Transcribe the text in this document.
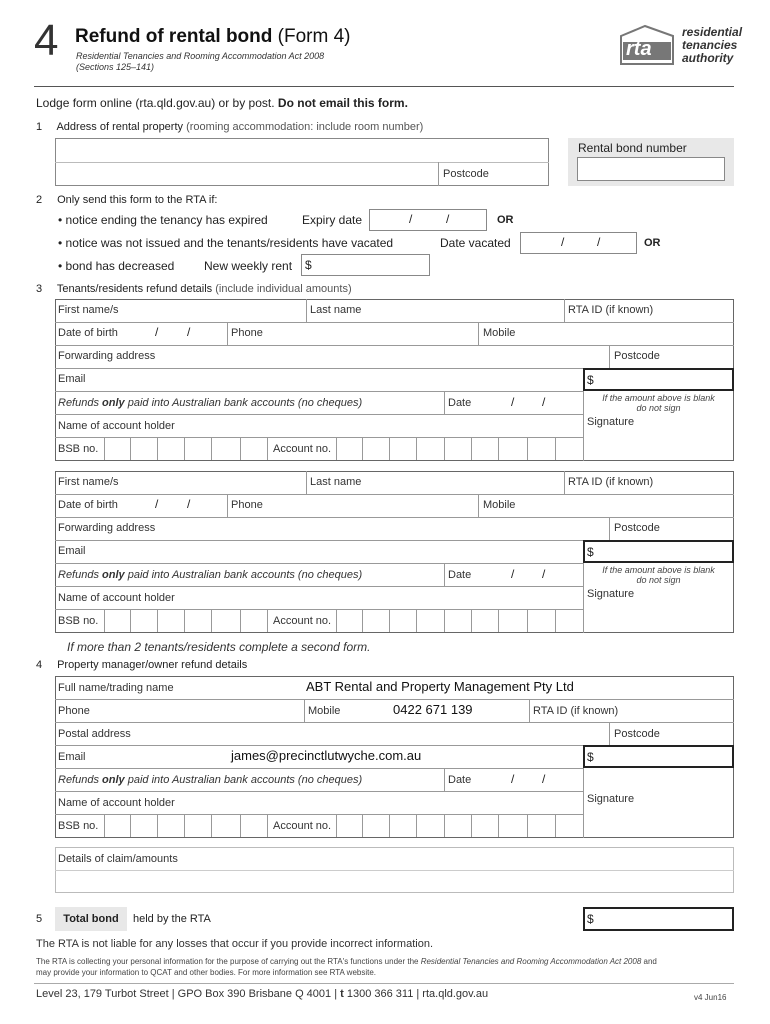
4 Refund of rental bond (Form 4)
Residential Tenancies and Rooming Accommodation Act 2008
(Sections 125–141)
rta
residential
tenancies
authority
Lodge form online (rta.qld.gov.au) or by post. Do not email this form.
1 Address of rental property (rooming accommodation: include room number)
Postcode
Rental bond number
2 Only send this form to the RTA if:
• notice ending the tenancy has expired	Expiry date	/	/	OR
• notice was not issued and the tenants/residents have vacated	Date vacated	/	/	OR
• bond has decreased New weekly rent $
3 Tenants/residents refund details (include individual amounts)
First name/s	Last name	RTA ID (if known)
Date of birth	/ /	Phone	Mobile
Forwarding address	Postcode
Email	$
Refunds only paid into Australian bank accounts (no cheques)	Date	/ /	If the amount above is blank
do not sign
Signature
Name of account holder
BSB no.	Account no.
First name/s	Last name	RTA ID (if known)
Date of birth	/ /	Phone	Mobile
Forwarding address	Postcode
Email	$
Refunds only paid into Australian bank accounts (no cheques)	Date	/ /	If the amount above is blank
do not sign
Signature
Name of account holder
BSB no.	Account no.
If more than 2 tenants/residents complete a second form.
4 Property manager/owner refund details
Full name/trading name	ABT Rental and Property Management Pty Ltd
Phone	Mobile	0422 671 139	RTA ID (if known)
Postal address	Postcode
Email	james@precinctlutwyche.com.au	$
Refunds only paid into Australian bank accounts (no cheques)	Date	/ /
Signature
Name of account holder
BSB no.	Account no.
Details of claim/amounts
5	Total bond	held by the RTA	$
The RTA is not liable for any losses that occur if you provide incorrect information.
The RTA is collecting your personal information for the purpose of carrying out the RTA's functions under the Residential Tenancies and Rooming Accommodation Act 2008 and
may provide your information to QCAT and other bodies. For more information see RTA website.
Level 23, 179 Turbot Street | GPO Box 390 Brisbane Q 4001 | t 1300 366 311 | rta.qld.gov.au	v4 Jun16
